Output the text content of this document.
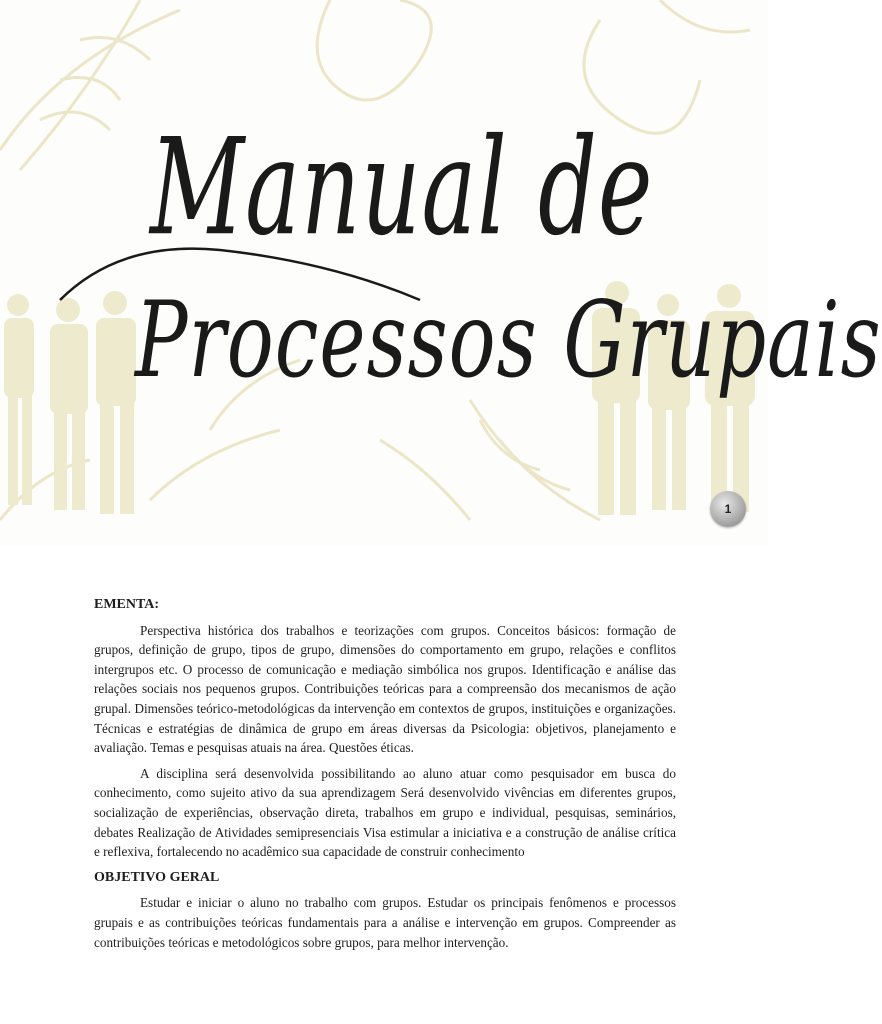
Manual de
Processos Grupais
1
EMENTA:

Perspectiva histórica dos trabalhos e teorizações com grupos. Conceitos básicos: formação de grupos, definição de grupo, tipos de grupo, dimensões do comportamento em grupo, relações e conflitos intergrupos etc. O processo de comunicação e mediação simbólica nos grupos. Identificação e análise das relações sociais nos pequenos grupos. Contribuições teóricas para a compreensão dos mecanismos de ação grupal. Dimensões teórico-metodológicas da intervenção em contextos de grupos, instituições e organizações. Técnicas e estratégias de dinâmica de grupo em áreas diversas da Psicologia: objetivos, planejamento e avaliação. Temas e pesquisas atuais na área. Questões éticas.

A disciplina será desenvolvida possibilitando ao aluno atuar como pesquisador em busca do conhecimento, como sujeito ativo da sua aprendizagem Será desenvolvido vivências em diferentes grupos, socialização de experiências, observação direta, trabalhos em grupo e individual, pesquisas, seminários, debates Realização de Atividades semipresenciais Visa estimular a iniciativa e a construção de análise crítica e reflexiva, fortalecendo no acadêmico sua capacidade de construir conhecimento

OBJETIVO GERAL

Estudar e iniciar o aluno no trabalho com grupos. Estudar os principais fenômenos e processos grupais e as contribuições teóricas fundamentais para a análise e intervenção em grupos. Compreender as contribuições teóricas e metodológicos sobre grupos, para melhor intervenção.
